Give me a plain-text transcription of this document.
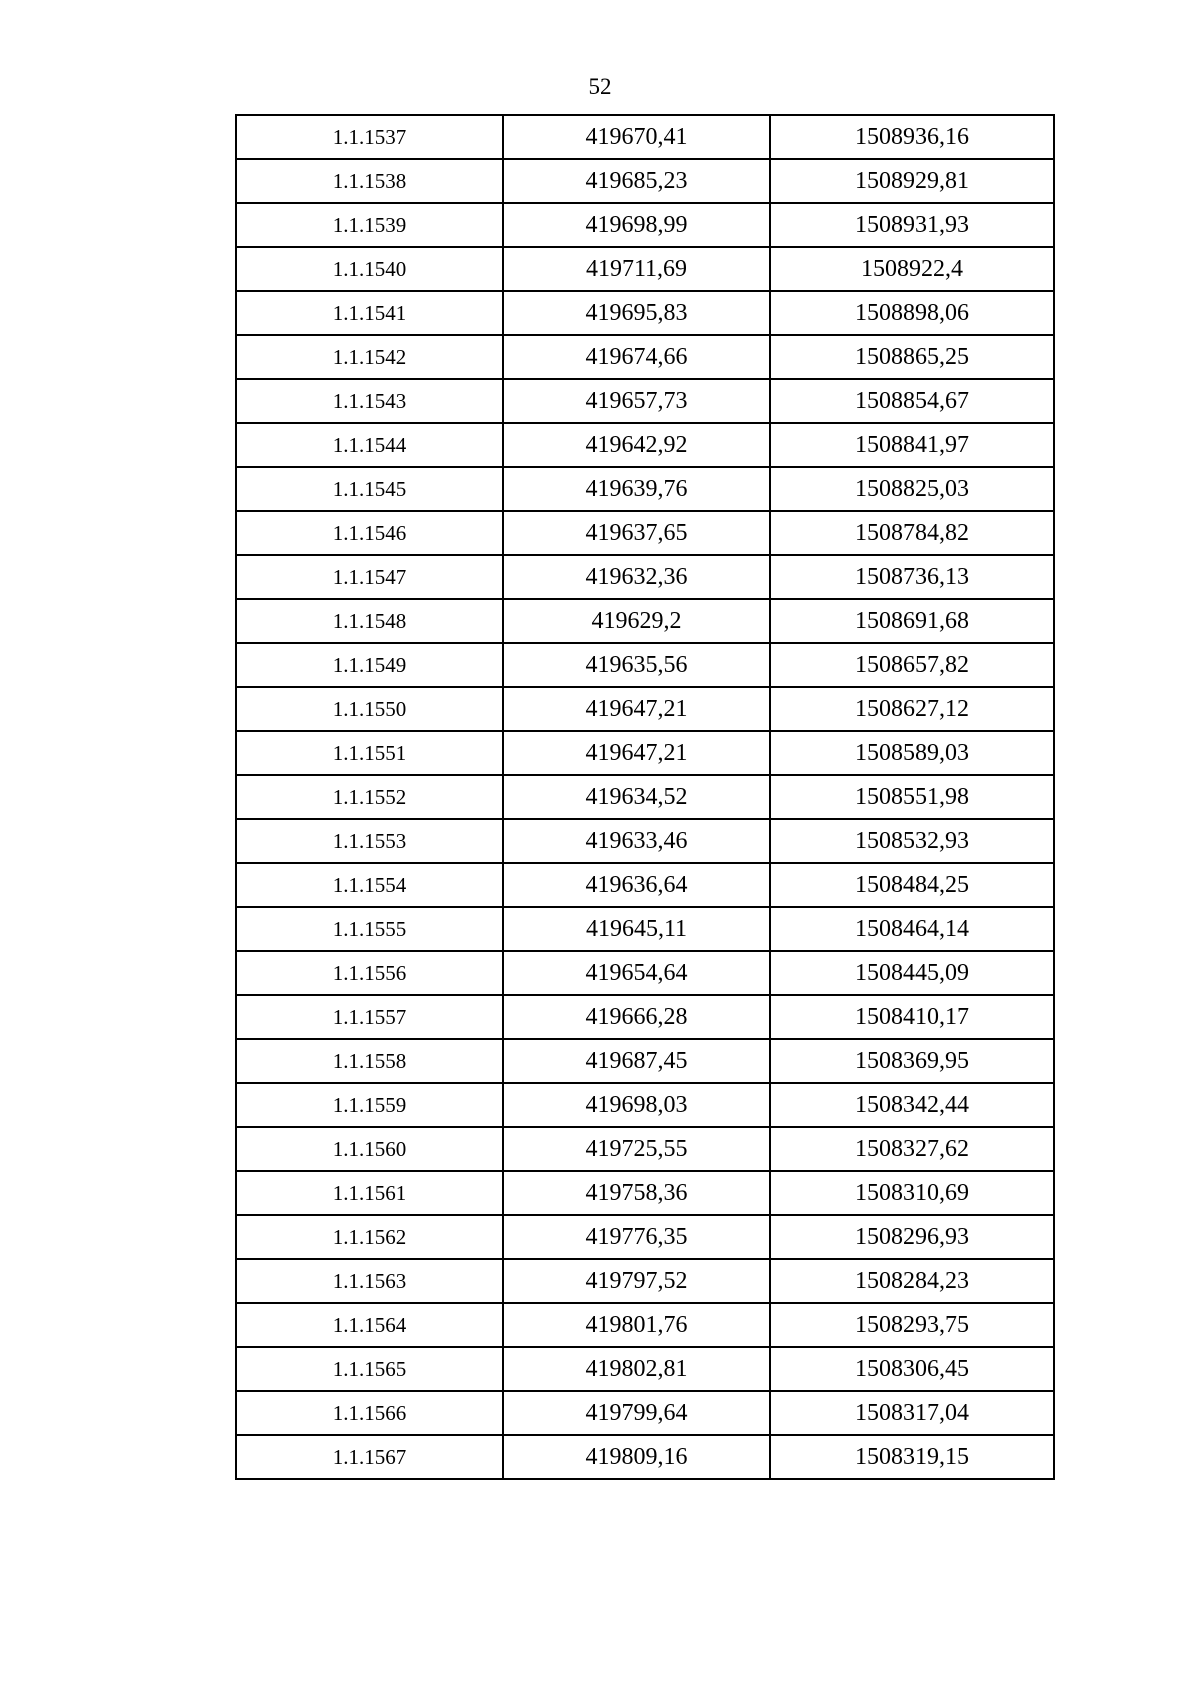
52
1.1.1537	419670,41	1508936,16
1.1.1538	419685,23	1508929,81
1.1.1539	419698,99	1508931,93
1.1.1540	419711,69	1508922,4
1.1.1541	419695,83	1508898,06
1.1.1542	419674,66	1508865,25
1.1.1543	419657,73	1508854,67
1.1.1544	419642,92	1508841,97
1.1.1545	419639,76	1508825,03
1.1.1546	419637,65	1508784,82
1.1.1547	419632,36	1508736,13
1.1.1548	419629,2	1508691,68
1.1.1549	419635,56	1508657,82
1.1.1550	419647,21	1508627,12
1.1.1551	419647,21	1508589,03
1.1.1552	419634,52	1508551,98
1.1.1553	419633,46	1508532,93
1.1.1554	419636,64	1508484,25
1.1.1555	419645,11	1508464,14
1.1.1556	419654,64	1508445,09
1.1.1557	419666,28	1508410,17
1.1.1558	419687,45	1508369,95
1.1.1559	419698,03	1508342,44
1.1.1560	419725,55	1508327,62
1.1.1561	419758,36	1508310,69
1.1.1562	419776,35	1508296,93
1.1.1563	419797,52	1508284,23
1.1.1564	419801,76	1508293,75
1.1.1565	419802,81	1508306,45
1.1.1566	419799,64	1508317,04
1.1.1567	419809,16	1508319,15
